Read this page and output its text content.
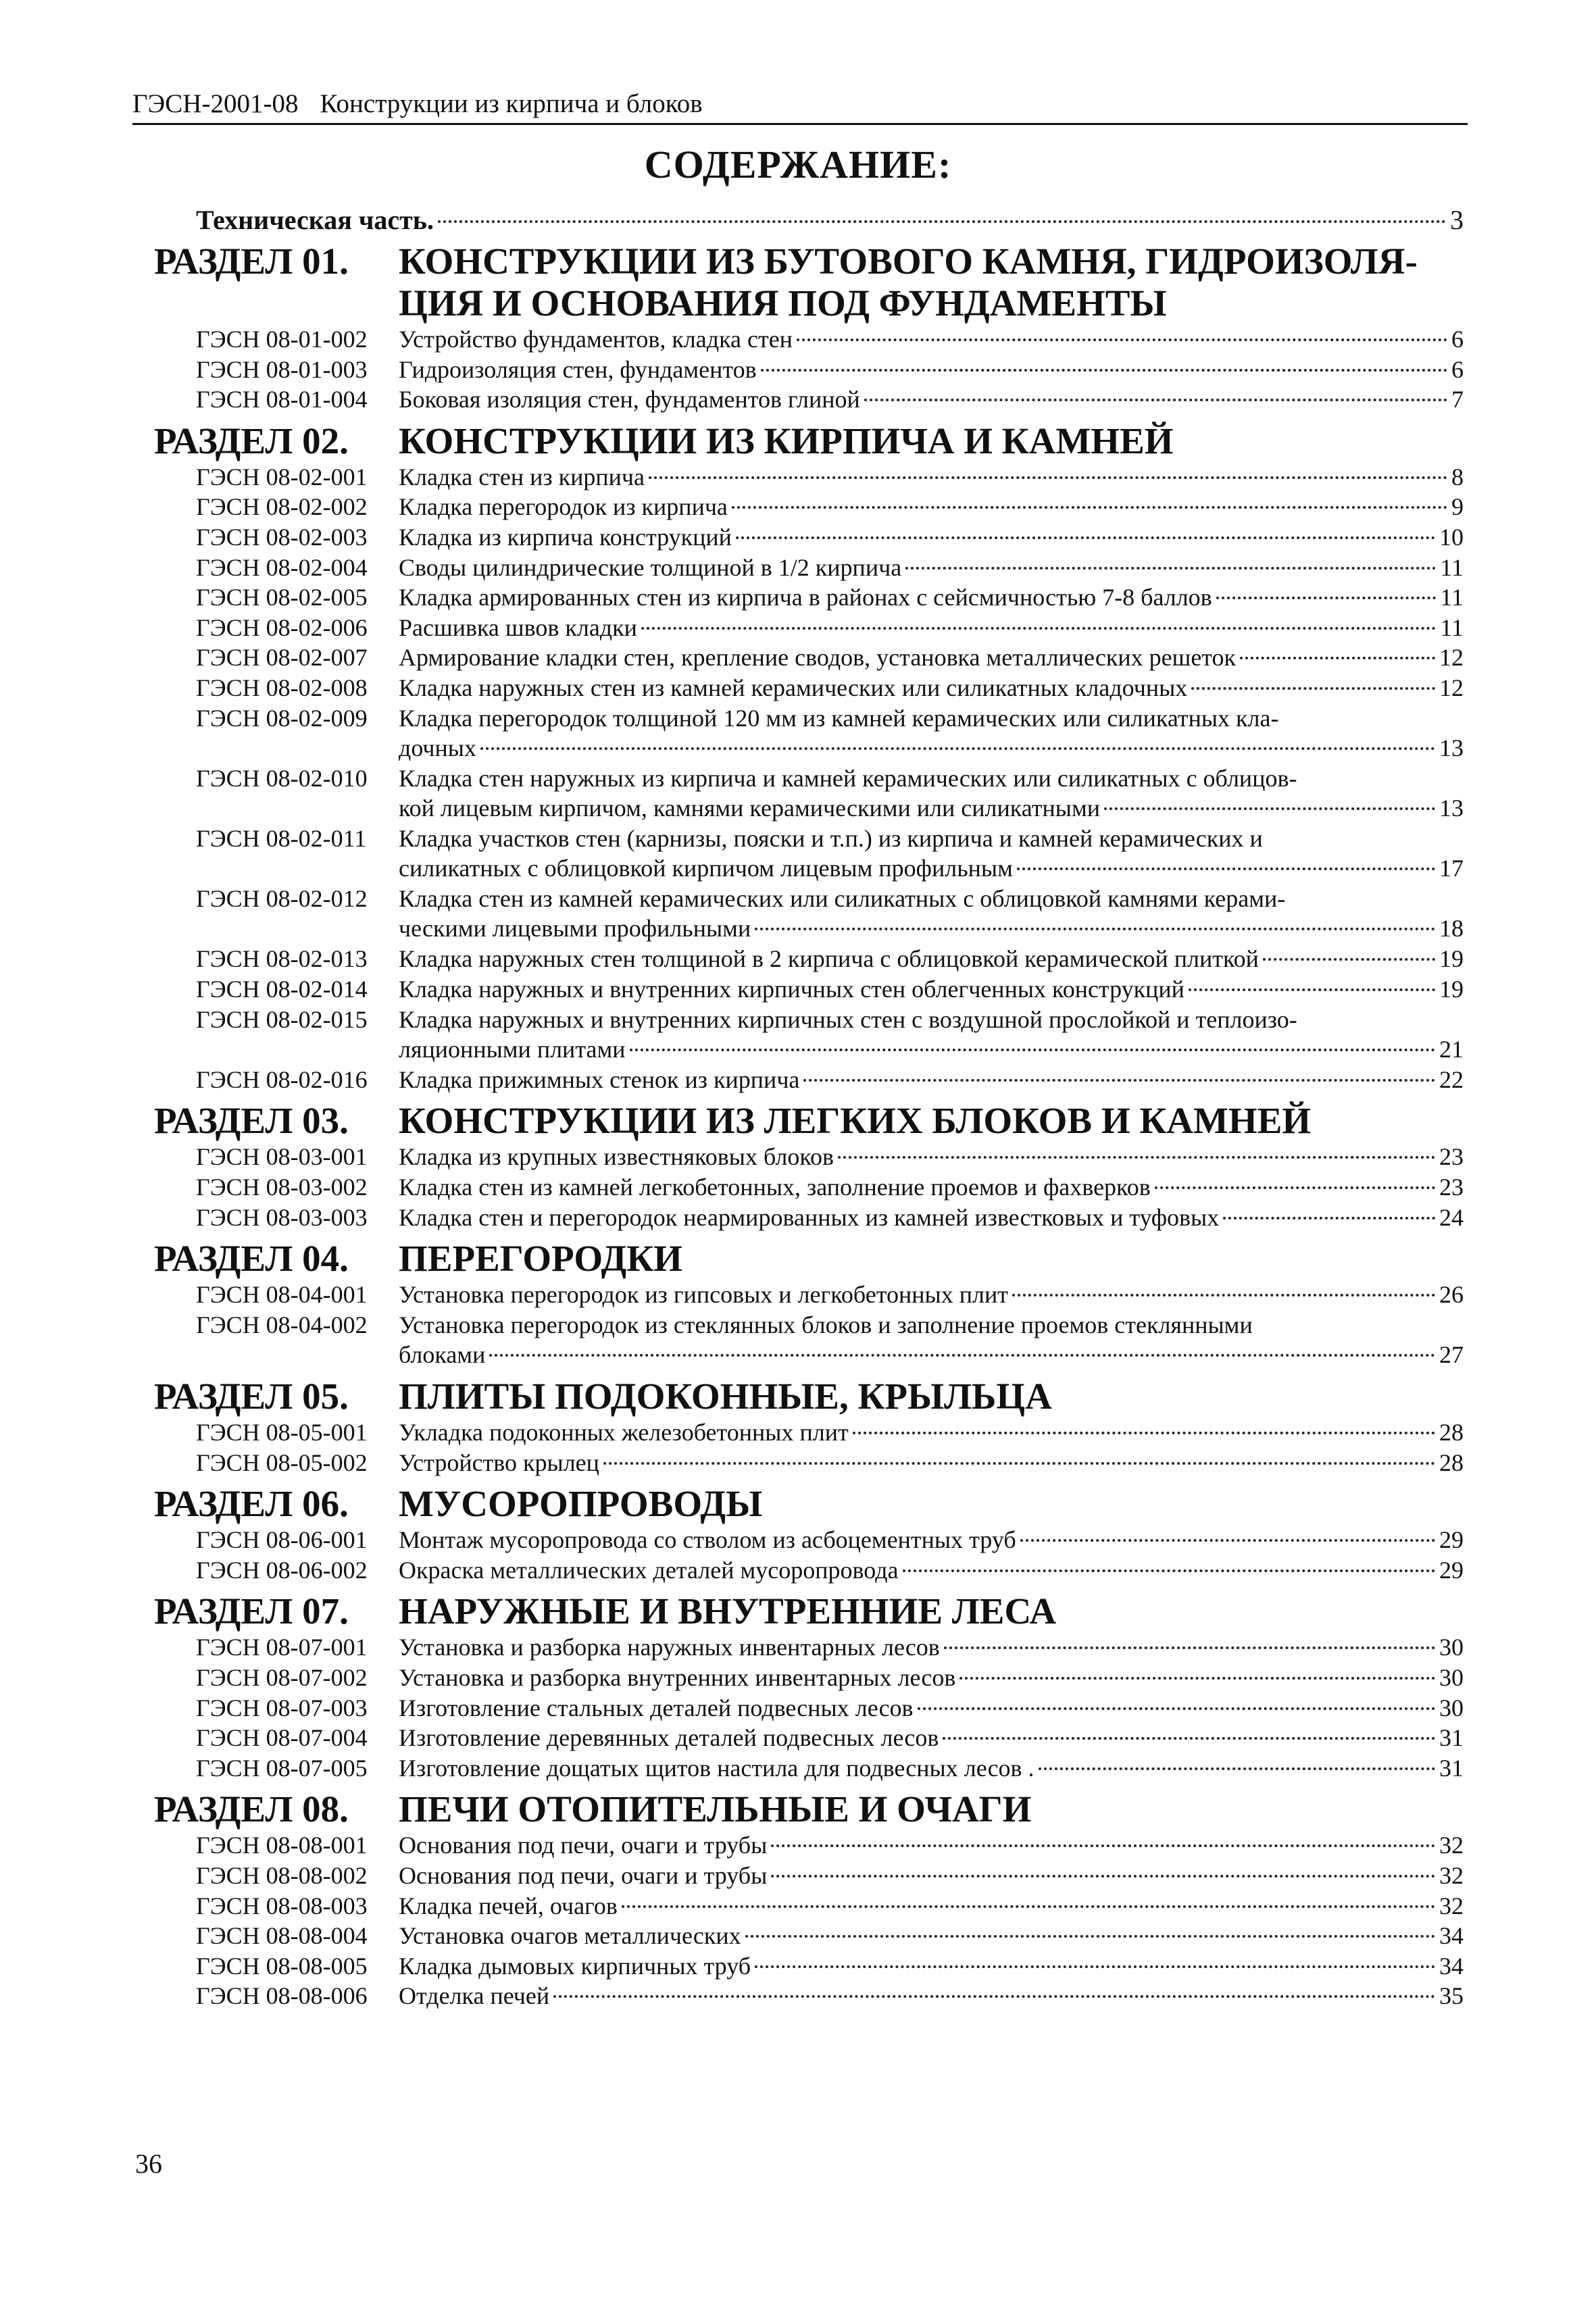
ГЭСН-2001-08 Конструкции из кирпича и блоков
СОДЕРЖАНИЕ:
Техническая часть.	3
РАЗДЕЛ 01. КОНСТРУКЦИИ ИЗ БУТОВОГО КАМНЯ, ГИДРОИЗОЛЯ-
ЦИЯ И ОСНОВАНИЯ ПОД ФУНДАМЕНТЫ
ГЭСН 08-01-002 Устройство фундаментов, кладка стен	6
ГЭСН 08-01-003 Гидроизоляция стен, фундаментов	6
ГЭСН 08-01-004 Боковая изоляция стен, фундаментов глиной	7
РАЗДЕЛ 02. КОНСТРУКЦИИ ИЗ КИРПИЧА И КАМНЕЙ
ГЭСН 08-02-001 Кладка стен из кирпича	8
ГЭСН 08-02-002 Кладка перегородок из кирпича	9
ГЭСН 08-02-003 Кладка из кирпича конструкций	10
ГЭСН 08-02-004 Своды цилиндрические толщиной в 1/2 кирпича	11
ГЭСН 08-02-005 Кладка армированных стен из кирпича в районах с сейсмичностью 7-8 баллов	11
ГЭСН 08-02-006 Расшивка швов кладки	11
ГЭСН 08-02-007 Армирование кладки стен, крепление сводов, установка металлических решеток	12
ГЭСН 08-02-008 Кладка наружных стен из камней керамических или силикатных кладочных	12
ГЭСН 08-02-009 Кладка перегородок толщиной 120 мм из камней керамических или силикатных кла-
дочных	13
ГЭСН 08-02-010 Кладка стен наружных из кирпича и камней керамических или силикатных с облицов-
кой лицевым кирпичом, камнями керамическими или силикатными	13
ГЭСН 08-02-011 Кладка участков стен (карнизы, пояски и т.п.) из кирпича и камней керамических и
силикатных с облицовкой кирпичом лицевым профильным	17
ГЭСН 08-02-012 Кладка стен из камней керамических или силикатных с облицовкой камнями керами-
ческими лицевыми профильными	18
ГЭСН 08-02-013 Кладка наружных стен толщиной в 2 кирпича с облицовкой керамической плиткой	19
ГЭСН 08-02-014 Кладка наружных и внутренних кирпичных стен облегченных конструкций	19
ГЭСН 08-02-015 Кладка наружных и внутренних кирпичных стен с воздушной прослойкой и теплоизо-
ляционными плитами	21
ГЭСН 08-02-016 Кладка прижимных стенок из кирпича	22
РАЗДЕЛ 03. КОНСТРУКЦИИ ИЗ ЛЕГКИХ БЛОКОВ И КАМНЕЙ
ГЭСН 08-03-001 Кладка из крупных известняковых блоков	23
ГЭСН 08-03-002 Кладка стен из камней легкобетонных, заполнение проемов и фахверков	23
ГЭСН 08-03-003 Кладка стен и перегородок неармированных из камней известковых и туфовых	24
РАЗДЕЛ 04. ПЕРЕГОРОДКИ
ГЭСН 08-04-001 Установка перегородок из гипсовых и легкобетонных плит	26
ГЭСН 08-04-002 Установка перегородок из стеклянных блоков и заполнение проемов стеклянными
блоками	27
РАЗДЕЛ 05. ПЛИТЫ ПОДОКОННЫЕ, КРЫЛЬЦА
ГЭСН 08-05-001 Укладка подоконных железобетонных плит	28
ГЭСН 08-05-002 Устройство крылец	28
РАЗДЕЛ 06. МУСОРОПРОВОДЫ
ГЭСН 08-06-001 Монтаж мусоропровода со стволом из асбоцементных труб	29
ГЭСН 08-06-002 Окраска металлических деталей мусоропровода	29
РАЗДЕЛ 07. НАРУЖНЫЕ И ВНУТРЕННИЕ ЛЕСА
ГЭСН 08-07-001 Установка и разборка наружных инвентарных лесов	30
ГЭСН 08-07-002 Установка и разборка внутренних инвентарных лесов	30
ГЭСН 08-07-003 Изготовление стальных деталей подвесных лесов	30
ГЭСН 08-07-004 Изготовление деревянных деталей подвесных лесов	31
ГЭСН 08-07-005 Изготовление дощатых щитов настила для подвесных лесов .	31
РАЗДЕЛ 08. ПЕЧИ ОТОПИТЕЛЬНЫЕ И ОЧАГИ
ГЭСН 08-08-001 Основания под печи, очаги и трубы	32
ГЭСН 08-08-002 Основания под печи, очаги и трубы	32
ГЭСН 08-08-003 Кладка печей, очагов	32
ГЭСН 08-08-004 Установка очагов металлических	34
ГЭСН 08-08-005 Кладка дымовых кирпичных труб	34
ГЭСН 08-08-006 Отделка печей	35
36
